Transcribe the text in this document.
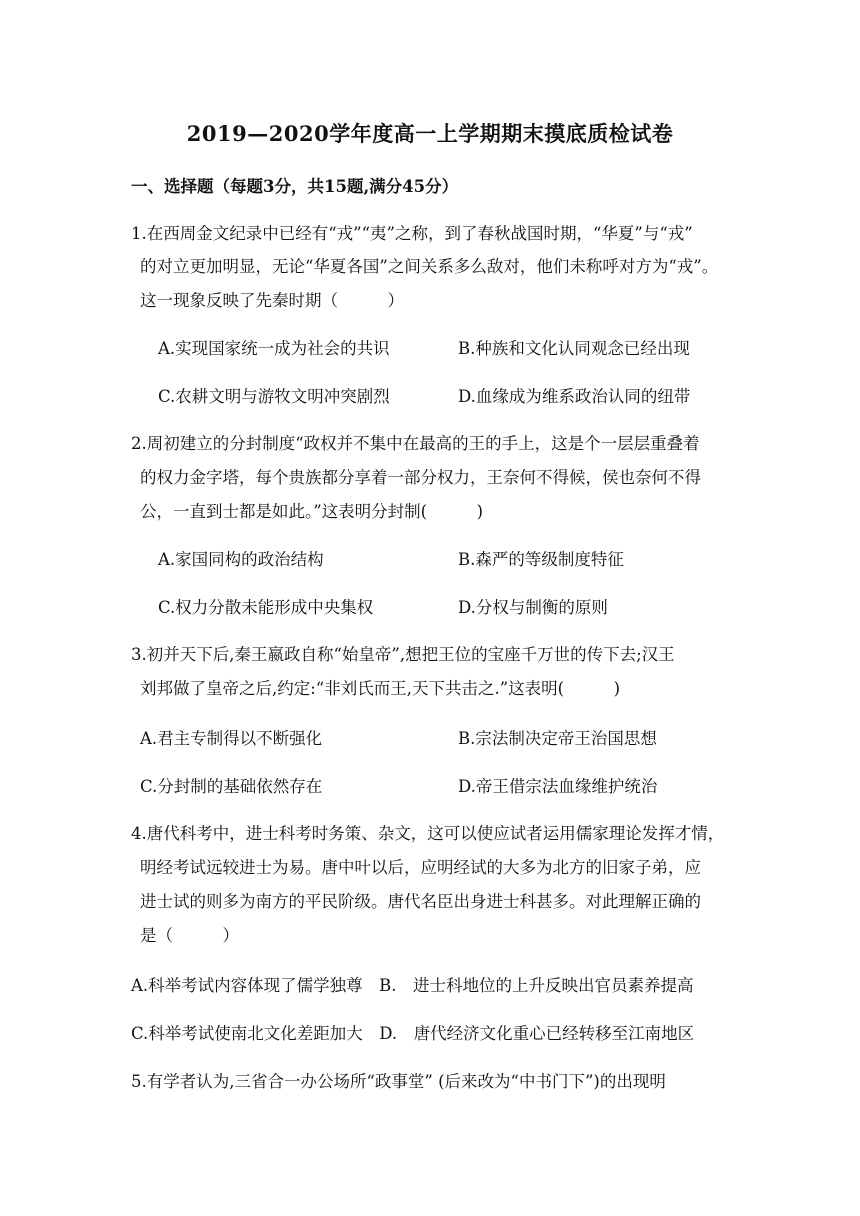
2019—2020学年度高一上学期期末摸底质检试卷
一、选择题（每题3分，共15题,满分45分）
1.在西周金文纪录中已经有“戎”“夷”之称，到了春秋战国时期，“华夏”与“戎”
的对立更加明显，无论“华夏各国”之间关系多么敌对，他们未称呼对方为“戎”。
这一现象反映了先秦时期（　　　）
A.实现国家统一成为社会的共识	B.种族和文化认同观念已经出现
C.农耕文明与游牧文明冲突剧烈	D.血缘成为维系政治认同的纽带
2.周初建立的分封制度“政权并不集中在最高的王的手上，这是个一层层重叠着
的权力金字塔，每个贵族都分享着一部分权力，王奈何不得候，侯也奈何不得
公，一直到士都是如此。”这表明分封制(　　　)
A.家国同构的政治结构	B.森严的等级制度特征
C.权力分散未能形成中央集权	D.分权与制衡的原则
3.初并天下后,秦王嬴政自称“始皇帝”,想把王位的宝座千万世的传下去;汉王
刘邦做了皇帝之后,约定:“非刘氏而王,天下共击之.”这表明(　　　)
A.君主专制得以不断强化	B.宗法制决定帝王治国思想
C.分封制的基础依然存在	D.帝王借宗法血缘维护统治
4.唐代科考中，进士科考时务策、杂文，这可以使应试者运用儒家理论发挥才情，
明经考试远较进士为易。唐中叶以后，应明经试的大多为北方的旧家子弟，应
进士试的则多为南方的平民阶级。唐代名臣出身进士科甚多。对此理解正确的
是（　　　）
A.科举考试内容体现了儒学独尊　B.　进士科地位的上升反映出官员素养提高
C.科举考试使南北文化差距加大　D.　唐代经济文化重心已经转移至江南地区
5.有学者认为,三省合一办公场所“政事堂” (后来改为“中书门下”)的出现明
